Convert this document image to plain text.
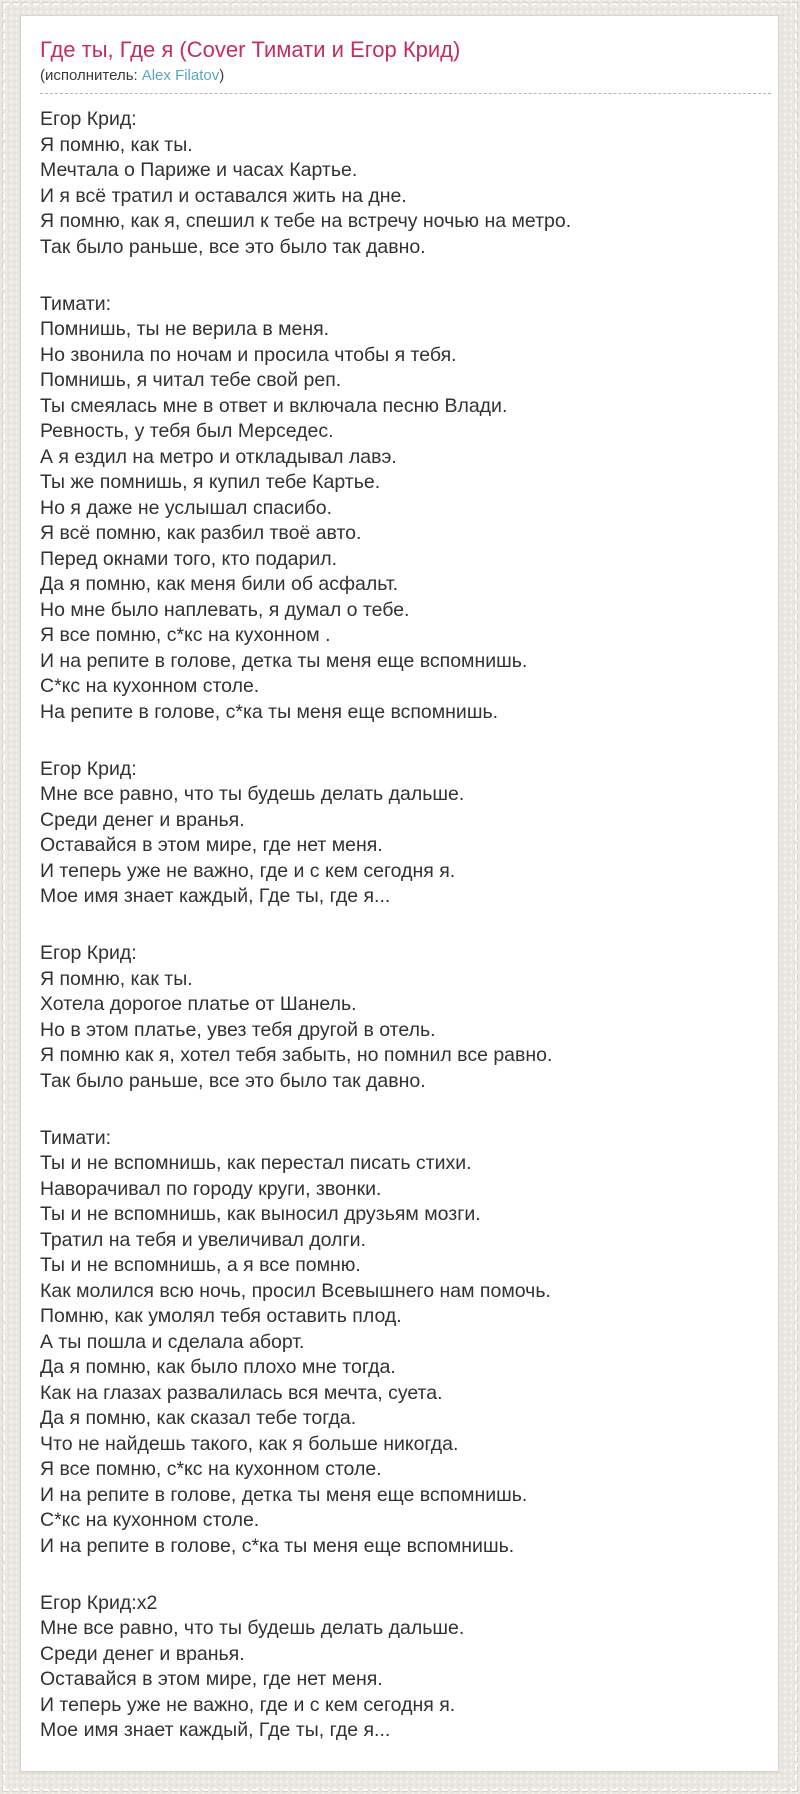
Где ты, Где я (Cover Тимати и Егор Крид)
(исполнитель: Alex Filatov)
Егор Крид:
Я помню, как ты.
Мечтала о Париже и часах Картье.
И я всё тратил и оставался жить на дне.
Я помню, как я, спешил к тебе на встречу ночью на метро.
Так было раньше, все это было так давно.
Тимати:
Помнишь, ты не верила в меня.
Но звонила по ночам и просила чтобы я тебя.
Помнишь, я читал тебе свой реп.
Ты смеялась мне в ответ и включала песню Влади.
Ревность, у тебя был Мерседес.
А я ездил на метро и откладывал лавэ.
Ты же помнишь, я купил тебе Картье.
Но я даже не услышал спасибо.
Я всё помню, как разбил твоё авто.
Перед окнами того, кто подарил.
Да я помню, как меня били об асфальт.
Но мне было наплевать, я думал о тебе.
Я все помню, с*кс на кухонном .
И на репите в голове, детка ты меня еще вспомнишь.
С*кс на кухонном столе.
На репите в голове, с*ка ты меня еще вспомнишь.
Егор Крид:
Мне все равно, что ты будешь делать дальше.
Среди денег и вранья.
Оставайся в этом мире, где нет меня.
И теперь уже не важно, где и с кем сегодня я.
Мое имя знает каждый, Где ты, где я...
Егор Крид:
Я помню, как ты.
Хотела дорогое платье от Шанель.
Но в этом платье, увез тебя другой в отель.
Я помню как я, хотел тебя забыть, но помнил все равно.
Так было раньше, все это было так давно.
Тимати:
Ты и не вспомнишь, как перестал писать стихи.
Наворачивал по городу круги, звонки.
Ты и не вспомнишь, как выносил друзьям мозги.
Тратил на тебя и увеличивал долги.
Ты и не вспомнишь, а я все помню.
Как молился всю ночь, просил Всевышнего нам помочь.
Помню, как умолял тебя оставить плод.
А ты пошла и сделала аборт.
Да я помню, как было плохо мне тогда.
Как на глазах развалилась вся мечта, суета.
Да я помню, как сказал тебе тогда.
Что не найдешь такого, как я больше никогда.
Я все помню, с*кс на кухонном столе.
И на репите в голове, детка ты меня еще вспомнишь.
С*кс на кухонном столе.
И на репите в голове, с*ка ты меня еще вспомнишь.
Егор Крид:x2
Мне все равно, что ты будешь делать дальше.
Среди денег и вранья.
Оставайся в этом мире, где нет меня.
И теперь уже не важно, где и с кем сегодня я.
Мое имя знает каждый, Где ты, где я...
